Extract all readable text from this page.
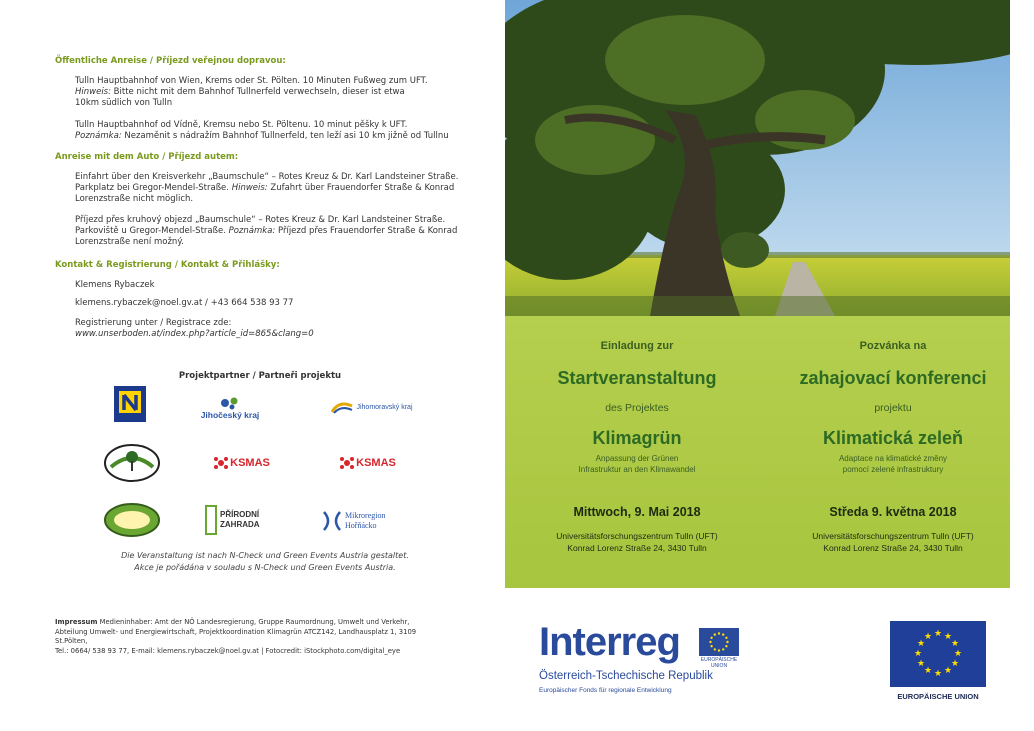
Öffentliche Anreise / Příjezd veřejnou dopravou:
Tulln Hauptbahnhof von Wien, Krems oder St. Pölten. 10 Minuten Fußweg zum UFT.
Hinweis: Bitte nicht mit dem Bahnhof Tullnerfeld verwechseln, dieser ist etwa
10km südlich von Tulln
Tulln Hauptbahnhof od Vídně, Kremsu nebo St. Pöltenu. 10 minut pěšky k UFT.
Poznámka: Nezaměnit s nádražím Bahnhof Tullnerfeld, ten leží asi 10 km jižně od Tullnu
Anreise mit dem Auto / Příjezd autem:
Einfahrt über den Kreisverkehr „Baumschule“ – Rotes Kreuz & Dr. Karl Landsteiner Straße.
Parkplatz bei Gregor-Mendel-Straße. Hinweis: Zufahrt über Frauendorfer Straße & Konrad
Lorenzstraße nicht möglich.
Příjezd přes kruhový objezd „Baumschule“ – Rotes Kreuz & Dr. Karl Landsteiner Straße.
Parkoviště u Gregor-Mendel-Straße. Poznámka: Příjezd přes Frauendorfer Straße & Konrad
Lorenzstraße není možný.
Kontakt & Registrierung / Kontakt & Přihlášky:
Klemens Rybaczek
klemens.rybaczek@noel.gv.at / +43 664 538 93 77
Registrierung unter / Registrace zde:
www.unserboden.at/index.php?article_id=865&clang=0
Projektpartner / Partneři projektu
Jihočeský kraj
Jihomoravský kraj
KSMAS	KSMAS
PŘÍRODNÍ
ZAHRADA
Mikroregion
Hořňácko
Die Veranstaltung ist nach N-Check und Green Events Austria gestaltet.
Akce je pořádána v souladu s N-Check und Green Events Austria.
Impressum Medieninhaber: Amt der NÖ Landesregierung, Gruppe Raumordnung, Umwelt und Verkehr,
Abteilung Umwelt- und Energiewirtschaft, Projektkoordination Klimagrün ATCZ142, Landhausplatz 1, 3109 St.Pölten,
Tel.: 0664/ 538 93 77, E-mail: klemens.rybaczek@noel.gv.at | Fotocredit: iStockphoto.com/digital_eye
Einladung zur
Startveranstaltung
des Projektes
Klimagrün
Anpassung der Grünen
Infrastruktur an den Klimawandel
Mittwoch, 9. Mai 2018
Universitätsforschungszentrum Tulln (UFT)
Konrad Lorenz Straße 24, 3430 Tulln
Pozvánka na
zahajovací konferenci
projektu
Klimatická zeleň
Adaptace na klimatické změny
pomocí zelené infrastruktury
Středa 9. května 2018
Universitätsforschungszentrum Tulln (UFT)
Konrad Lorenz Straße 24, 3430 Tulln
Interreg	EUROPÄISCHE
UNION
Österreich-Tschechische Republik
Europäischer Fonds für regionale Entwicklung
★ ★
★
★
★
★
★
★
★
★
★
★
EUROPÄISCHE UNION
